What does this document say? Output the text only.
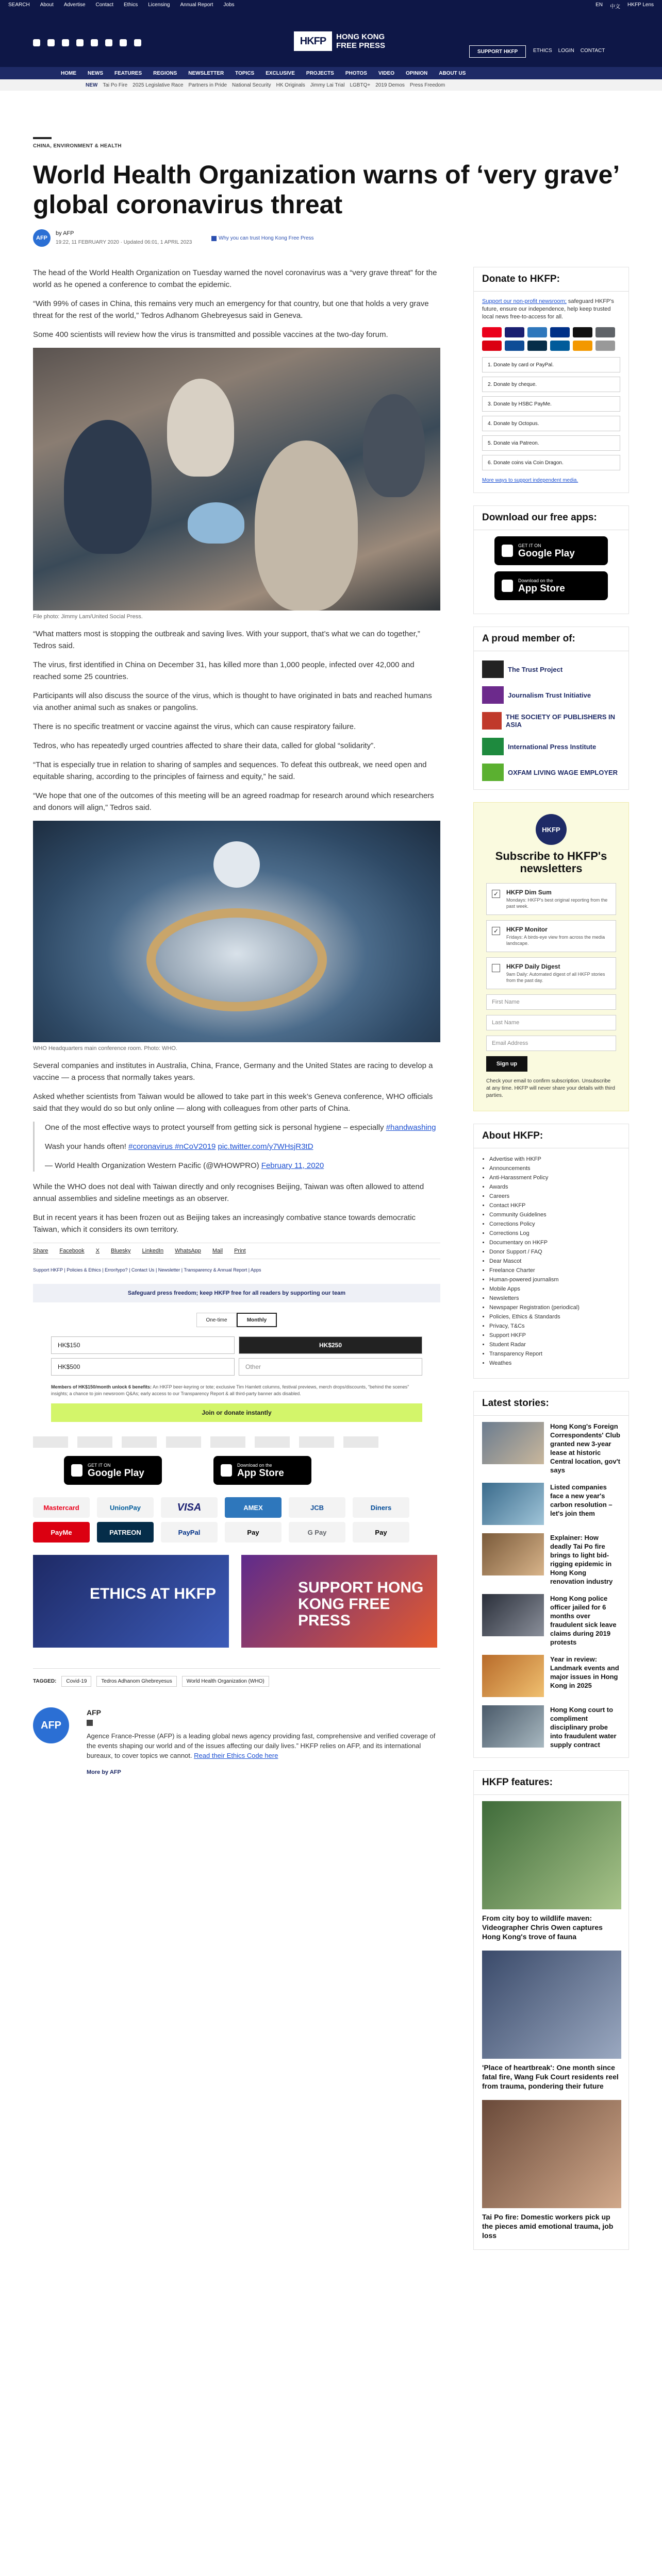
SEARCH About Advertise Contact Ethics Licensing Annual Report Jobs	EN 中文 HKFP Lens
HKFP	HONG KONG
FREE PRESS
SUPPORT HKFP	ETHICS LOGIN CONTACT
HOME NEWS FEATURES REGIONS NEWSLETTER TOPICS EXCLUSIVE PROJECTS PHOTOS VIDEO OPINION ABOUT US
NEW Tai Po Fire 2025 Legislative Race Partners in Pride National Security HK Originals Jimmy Lai Trial LGBTQ+ 2019 Demos Press Freedom
CHINA, ENVIRONMENT & HEALTH
World Health Organization warns of ‘very grave’ global coronavirus threat
AFP
by AFP
19:22, 11 FEBRUARY 2020 · Updated 06:01, 1 APRIL 2023
Why you can trust Hong Kong Free Press

The head of the World Health Organization on Tuesday warned the novel coronavirus was a “very grave threat” for the world as he opened a conference to combat the epidemic.

“With 99% of cases in China, this remains very much an emergency for that country, but one that holds a very grave threat for the rest of the world,” Tedros Adhanom Ghebreyesus said in Geneva.

Some 400 scientists will review how the virus is transmitted and possible vaccines at the two-day forum.

File photo: Jimmy Lam/United Social Press.

“What matters most is stopping the outbreak and saving lives. With your support, that’s what we can do together,” Tedros said.

The virus, first identified in China on December 31, has killed more than 1,000 people, infected over 42,000 and reached some 25 countries.

Participants will also discuss the source of the virus, which is thought to have originated in bats and reached humans via another animal such as snakes or pangolins.

There is no specific treatment or vaccine against the virus, which can cause respiratory failure.

Tedros, who has repeatedly urged countries affected to share their data, called for global “solidarity”.

“That is especially true in relation to sharing of samples and sequences. To defeat this outbreak, we need open and equitable sharing, according to the principles of fairness and equity,” he said.

“We hope that one of the outcomes of this meeting will be an agreed roadmap for research around which researchers and donors will align,” Tedros said.

WHO Headquarters main conference room. Photo: WHO.

Several companies and institutes in Australia, China, France, Germany and the United States are racing to develop a vaccine — a process that normally takes years.

Asked whether scientists from Taiwan would be allowed to take part in this week’s Geneva conference, WHO officials said that they would do so but only online — along with colleagues from other parts of China.

One of the most effective ways to protect yourself from getting sick is personal hygiene – especially #handwashing

Wash your hands often! #coronavirus #nCoV2019 pic.twitter.com/y7WHsjR3tD

— World Health Organization Western Pacific (@WHOWPRO) February 11, 2020

While the WHO does not deal with Taiwan directly and only recognises Beijing, Taiwan was often allowed to attend annual assemblies and sideline meetings as an observer.

But in recent years it has been frozen out as Beijing takes an increasingly combative stance towards democratic Taiwan, which it considers its own territory.

Share Facebook X Bluesky LinkedIn WhatsApp Mail Print
Support HKFP | Policies & Ethics | Error/typo? | Contact Us | Newsletter | Transparency & Annual Report | Apps
Safeguard press freedom; keep HKFP free for all readers by supporting our team
One-time	Monthly
HK$150	HK$250
HK$500	Other
Members of HK$150/month unlock 6 benefits: An HKFP beer-keyring or tote; exclusive Tim Hamlett columns, festival previews, merch drops/discounts, “behind the scenes” insights; a chance to join newsroom Q&As; early access to our Transparency Report & all third-party banner ads disabled.
Join or donate instantly
GET IT ON
Google Play
Download on the
App Store
Mastercard	UnionPay	VISA	AMEX	JCB	Diners
PayMe	PATREON	PayPal	Pay	G Pay	Pay
ETHICS AT HKFP	SUPPORT HONG KONG FREE PRESS
TAGGED:	Covid-19	Tedros Adhanom Ghebreyesus	World Health Organization (WHO)
AFP
AFP
Agence France-Presse (AFP) is a leading global news agency providing fast, comprehensive and verified coverage of the events shaping our world and of the issues affecting our daily lives.” HKFP relies on AFP, and its international bureaux, to cover topics we cannot. Read their Ethics Code here
More by AFP
Donate to HKFP:
Support our non-profit newsroom; safeguard HKFP's future, ensure our independence, help keep trusted local news free-to-access for all.
1. Donate by card or PayPal.
2. Donate by cheque.
3. Donate by HSBC PayMe.
4. Donate by Octopus.
5. Donate via Patreon.
6. Donate coins via Coin Dragon.
More ways to support independent media.
Download our free apps:
GET IT ON
Google Play
Download on the
App Store
A proud member of:
The Trust Project
Journalism Trust Initiative
THE SOCIETY OF PUBLISHERS IN ASIA
International Press Institute
OXFAM LIVING WAGE EMPLOYER
HKFP
Subscribe to HKFP's newsletters
✓ HKFP Dim Sum
Mondays: HKFP's best original reporting from the past week.
✓ HKFP Monitor
Fridays: A birds-eye view from across the media landscape.
HKFP Daily Digest
9am Daily: Automated digest of all HKFP stories from the past day.
First Name
Last Name
Email Address
Sign up
Check your email to confirm subscription. Unsubscribe at any time. HKFP will never share your details with third parties.
About HKFP:
• Advertise with HKFP
• Announcements
• Anti-Harassment Policy
• Awards
• Careers
• Contact HKFP
• Community Guidelines
• Corrections Policy
• Corrections Log
• Documentary on HKFP
• Donor Support / FAQ
• Dear Mascot
• Freelance Charter
• Human-powered journalism
• Mobile Apps
• Newsletters
• Newspaper Registration (periodical)
• Policies, Ethics & Standards
• Privacy, T&Cs
• Support HKFP
• Student Radar
• Transparency Report
• Weathes
Latest stories:
Hong Kong's Foreign Correspondents' Club granted new 3-year lease at historic Central location, gov't says
Listed companies face a new year's carbon resolution – let's join them
Explainer: How deadly Tai Po fire brings to light bid-rigging epidemic in Hong Kong renovation industry
Hong Kong police officer jailed for 6 months over fraudulent sick leave claims during 2019 protests
Year in review: Landmark events and major issues in Hong Kong in 2025
Hong Kong court to compliment disciplinary probe into fraudulent water supply contract
HKFP features:
From city boy to wildlife maven: Videographer Chris Owen captures Hong Kong's trove of fauna
'Place of heartbreak': One month since fatal fire, Wang Fuk Court residents reel from trauma, pondering their future
Tai Po fire: Domestic workers pick up the pieces amid emotional trauma, job loss
